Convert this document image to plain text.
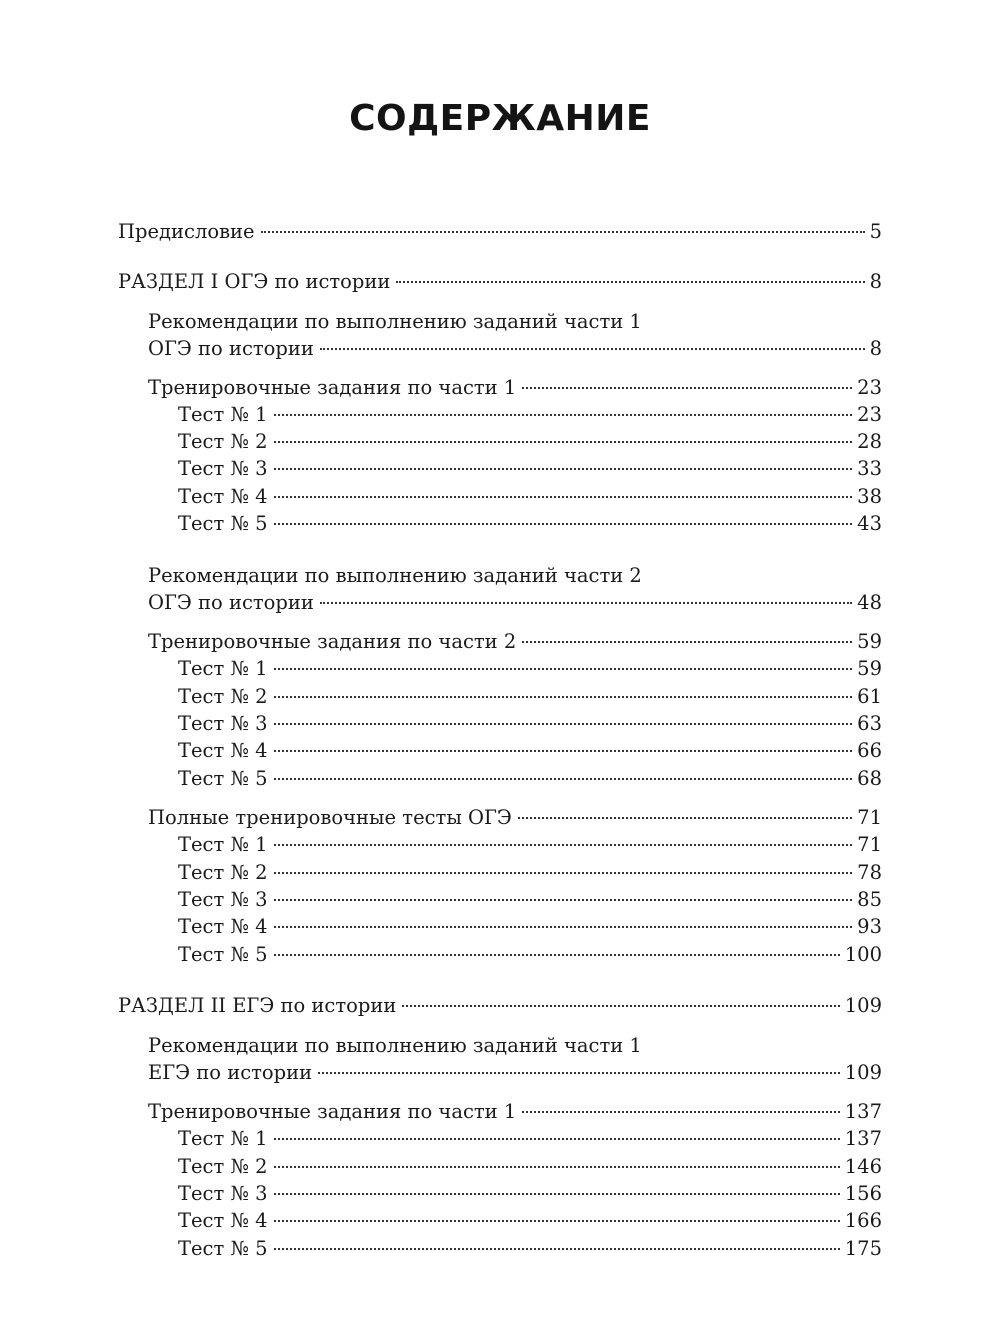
СОДЕРЖАНИЕ
Предисловие	5
РАЗДЕЛ I ОГЭ по истории	8
Рекомендации по выполнению заданий части 1
ОГЭ по истории	8
Тренировочные задания по части 1	23
Тест № 1	23
Тест № 2	28
Тест № 3	33
Тест № 4	38
Тест № 5	43
Рекомендации по выполнению заданий части 2
ОГЭ по истории	48
Тренировочные задания по части 2	59
Тест № 1	59
Тест № 2	61
Тест № 3	63
Тест № 4	66
Тест № 5	68
Полные тренировочные тесты ОГЭ	71
Тест № 1	71
Тест № 2	78
Тест № 3	85
Тест № 4	93
Тест № 5	100
РАЗДЕЛ II ЕГЭ по истории	109
Рекомендации по выполнению заданий части 1
ЕГЭ по истории	109
Тренировочные задания по части 1	137
Тест № 1	137
Тест № 2	146
Тест № 3	156
Тест № 4	166
Тест № 5	175
